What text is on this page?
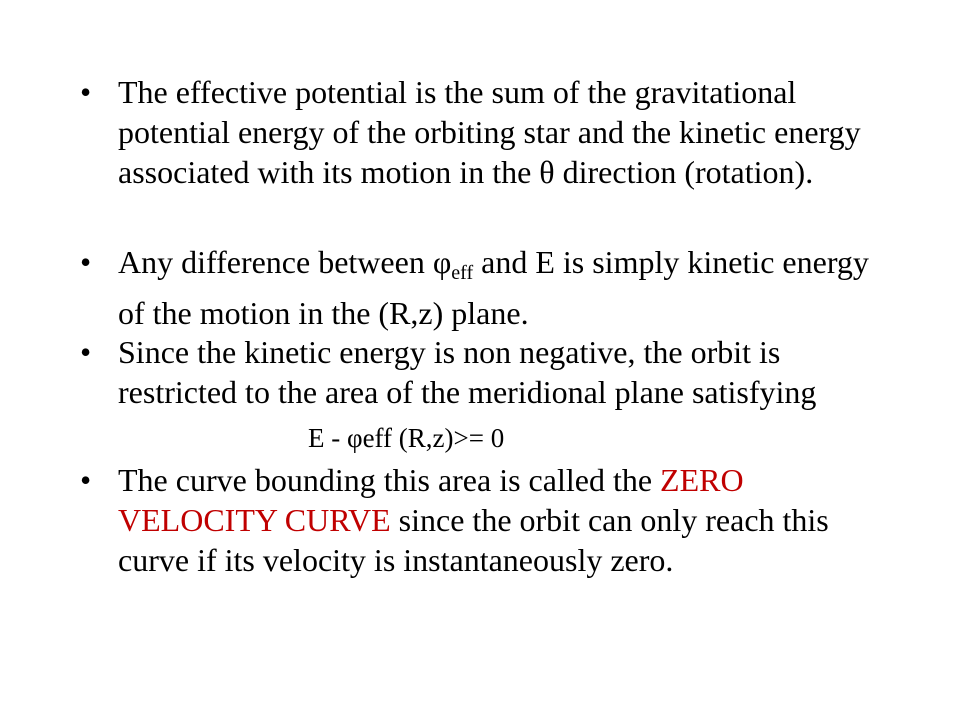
• The effective potential is the sum of the gravitational potential energy of the orbiting star and the kinetic energy associated with its motion in the θ direction (rotation).

• Any difference between $\varphi_{eff}$ and E is simply kinetic energy of the motion in the (R,z) plane.

• Since the kinetic energy is non negative, the orbit is restricted to the area of the meridional plane satisfying

E - φeff (R,z)>= 0
• The curve bounding this area is called the ZERO VELOCITY CURVE since the orbit can only reach this curve if its velocity is instantaneously zero.
